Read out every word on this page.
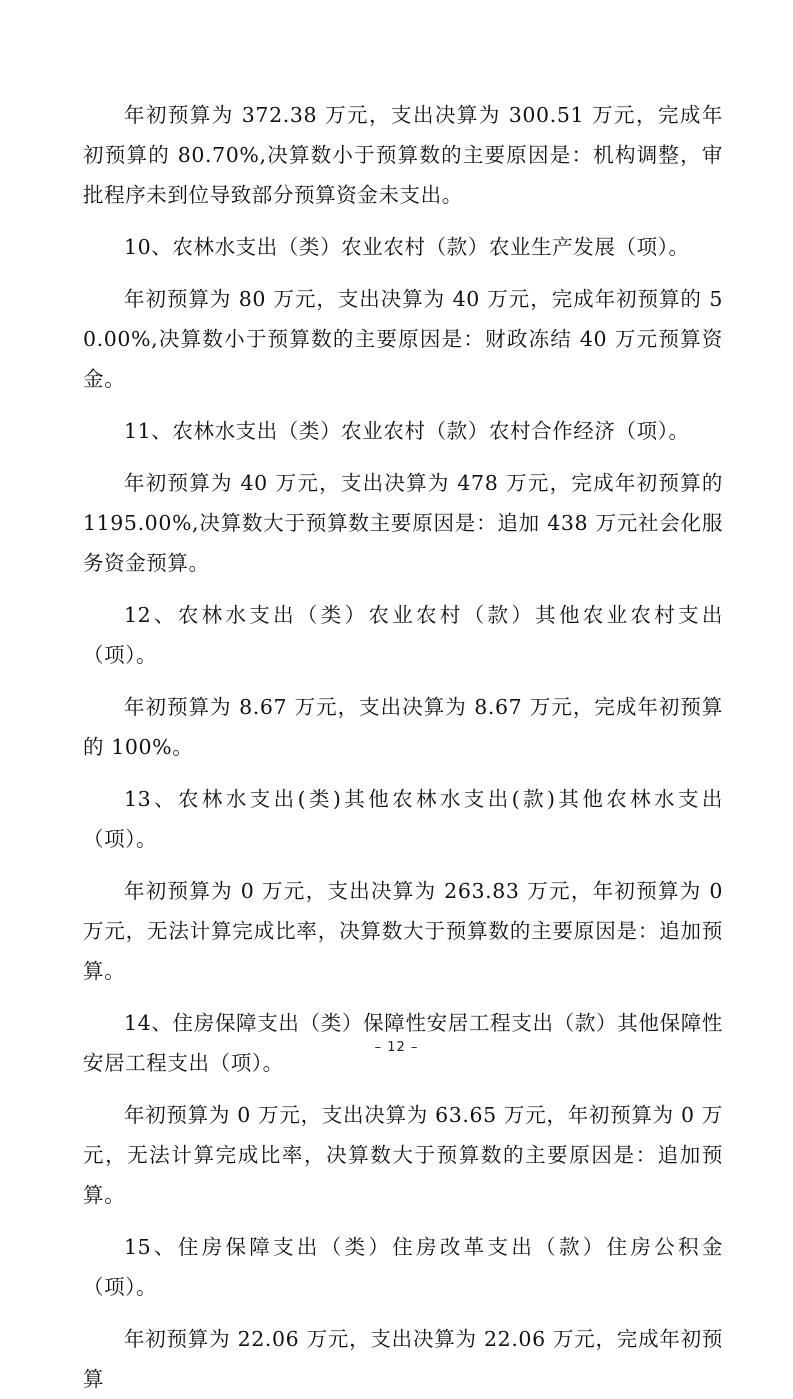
年初预算为 372.38 万元，支出决算为 300.51 万元，完成年初预算的 80.70%,决算数小于预算数的主要原因是：机构调整，审批程序未到位导致部分预算资金未支出。

10、农林水支出（类）农业农村（款）农业生产发展（项）。

年初预算为 80 万元，支出决算为 40 万元，完成年初预算的 50.00%,决算数小于预算数的主要原因是：财政冻结 40 万元预算资金。

11、农林水支出（类）农业农村（款）农村合作经济（项）。

年初预算为 40 万元，支出决算为 478 万元，完成年初预算的 1195.00%,决算数大于预算数主要原因是：追加 438 万元社会化服务资金预算。

12、农林水支出（类）农业农村（款）其他农业农村支出（项）。

年初预算为 8.67 万元，支出决算为 8.67 万元，完成年初预算的 100%。

13、农林水支出(类)其他农林水支出(款)其他农林水支出（项）。

年初预算为 0 万元，支出决算为 263.83 万元，年初预算为 0 万元，无法计算完成比率，决算数大于预算数的主要原因是：追加预算。

14、住房保障支出（类）保障性安居工程支出（款）其他保障性安居工程支出（项）。

年初预算为 0 万元，支出决算为 63.65 万元，年初预算为 0 万元，无法计算完成比率，决算数大于预算数的主要原因是：追加预算。

15、住房保障支出（类）住房改革支出（款）住房公积金（项）。

年初预算为 22.06 万元，支出决算为 22.06 万元，完成年初预算

– 12 –
